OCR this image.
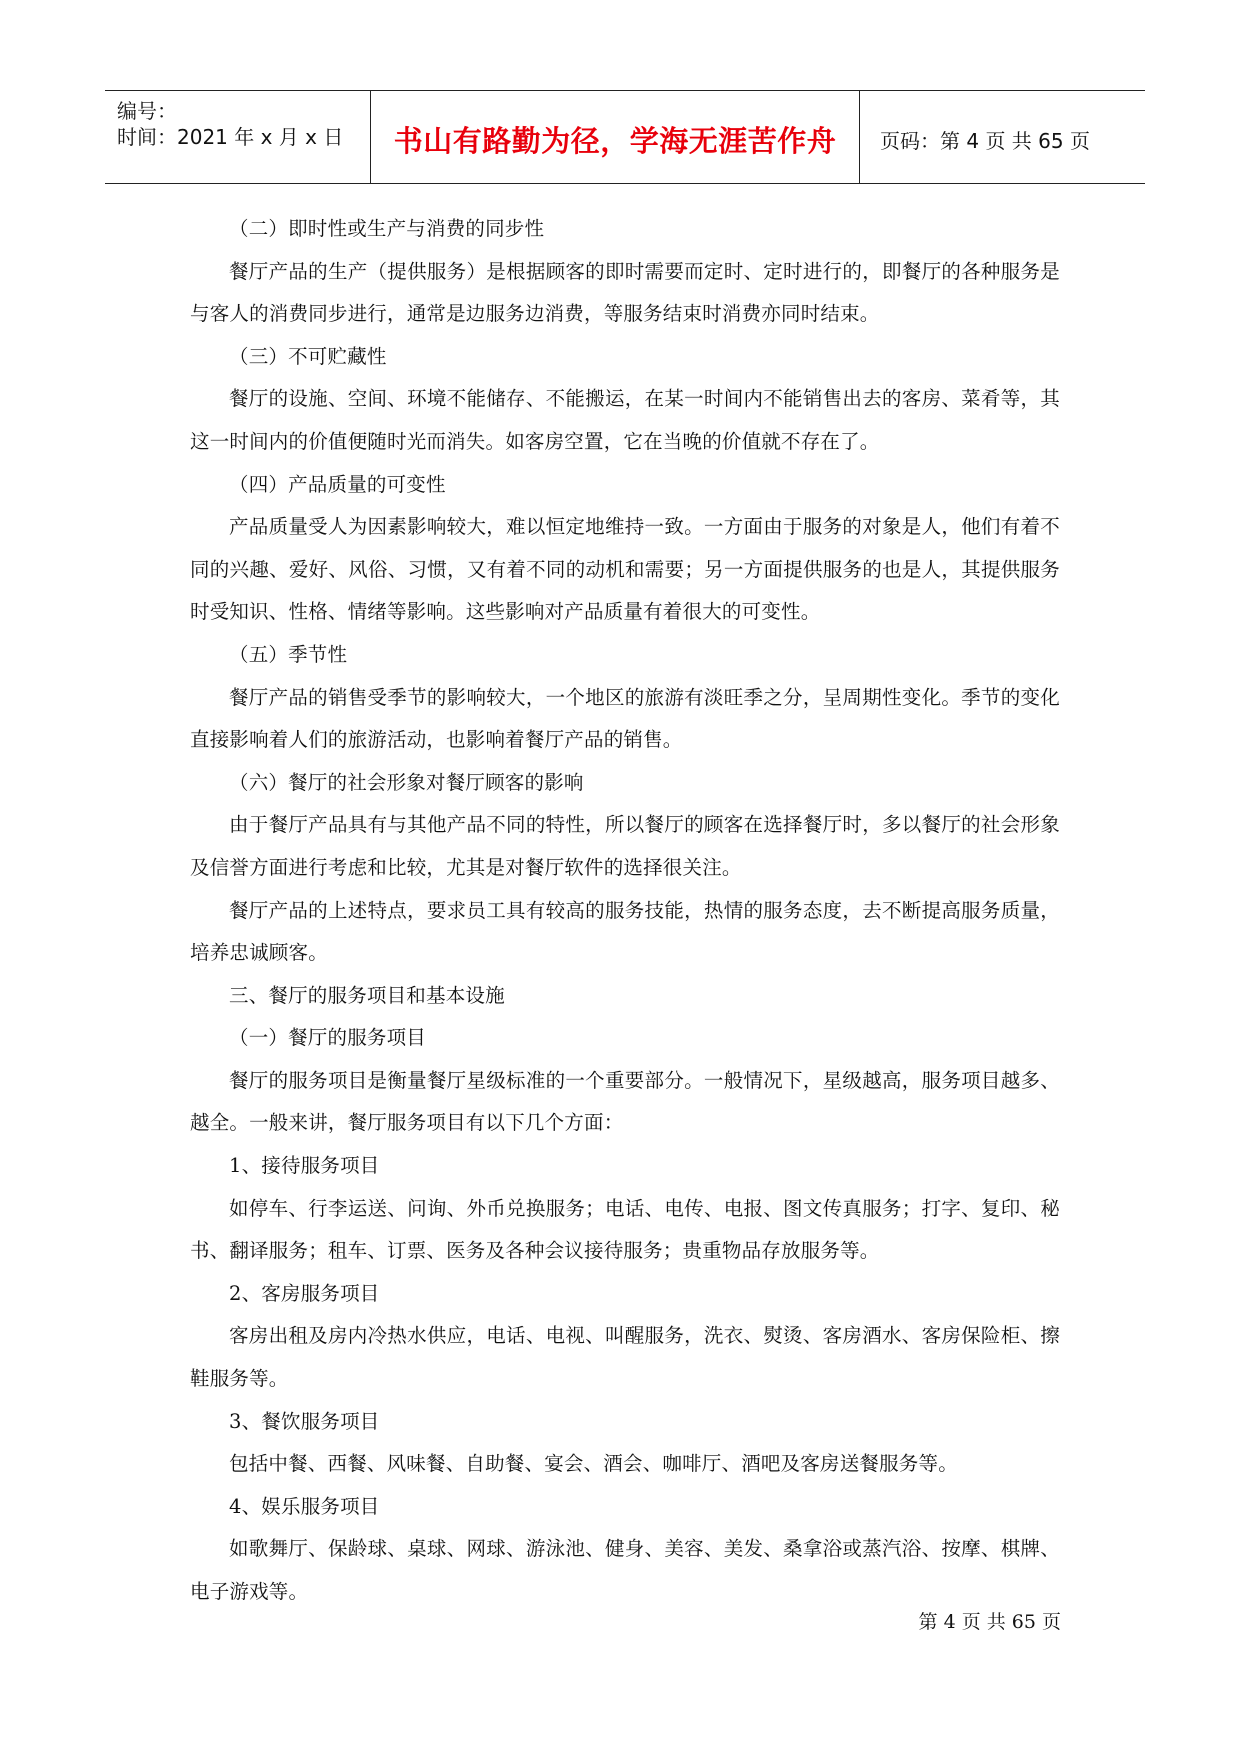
编号：
时间：2021 年 x 月 x 日	书山有路勤为径，学海无涯苦作舟	页码：第 4 页 共 65 页

（二）即时性或生产与消费的同步性

餐厅产品的生产（提供服务）是根据顾客的即时需要而定时、定时进行的，即餐厅的各种服务是与客人的消费同步进行，通常是边服务边消费，等服务结束时消费亦同时结束。

（三）不可贮藏性

餐厅的设施、空间、环境不能储存、不能搬运，在某一时间内不能销售出去的客房、菜肴等，其这一时间内的价值便随时光而消失。如客房空置，它在当晚的价值就不存在了。

（四）产品质量的可变性

产品质量受人为因素影响较大，难以恒定地维持一致。一方面由于服务的对象是人，他们有着不同的兴趣、爱好、风俗、习惯，又有着不同的动机和需要；另一方面提供服务的也是人，其提供服务时受知识、性格、情绪等影响。这些影响对产品质量有着很大的可变性。

（五）季节性

餐厅产品的销售受季节的影响较大，一个地区的旅游有淡旺季之分，呈周期性变化。季节的变化直接影响着人们的旅游活动，也影响着餐厅产品的销售。

（六）餐厅的社会形象对餐厅顾客的影响

由于餐厅产品具有与其他产品不同的特性，所以餐厅的顾客在选择餐厅时，多以餐厅的社会形象及信誉方面进行考虑和比较，尤其是对餐厅软件的选择很关注。

餐厅产品的上述特点，要求员工具有较高的服务技能，热情的服务态度，去不断提高服务质量，培养忠诚顾客。

三、餐厅的服务项目和基本设施

（一）餐厅的服务项目

餐厅的服务项目是衡量餐厅星级标准的一个重要部分。一般情况下，星级越高，服务项目越多、越全。一般来讲，餐厅服务项目有以下几个方面：

1、接待服务项目

如停车、行李运送、问询、外币兑换服务；电话、电传、电报、图文传真服务；打字、复印、秘书、翻译服务；租车、订票、医务及各种会议接待服务；贵重物品存放服务等。

2、客房服务项目

客房出租及房内冷热水供应，电话、电视、叫醒服务，洗衣、熨烫、客房酒水、客房保险柜、擦鞋服务等。

3、餐饮服务项目

包括中餐、西餐、风味餐、自助餐、宴会、酒会、咖啡厅、酒吧及客房送餐服务等。

4、娱乐服务项目

如歌舞厅、保龄球、桌球、网球、游泳池、健身、美容、美发、桑拿浴或蒸汽浴、按摩、棋牌、电子游戏等。

第 4 页 共 65 页
